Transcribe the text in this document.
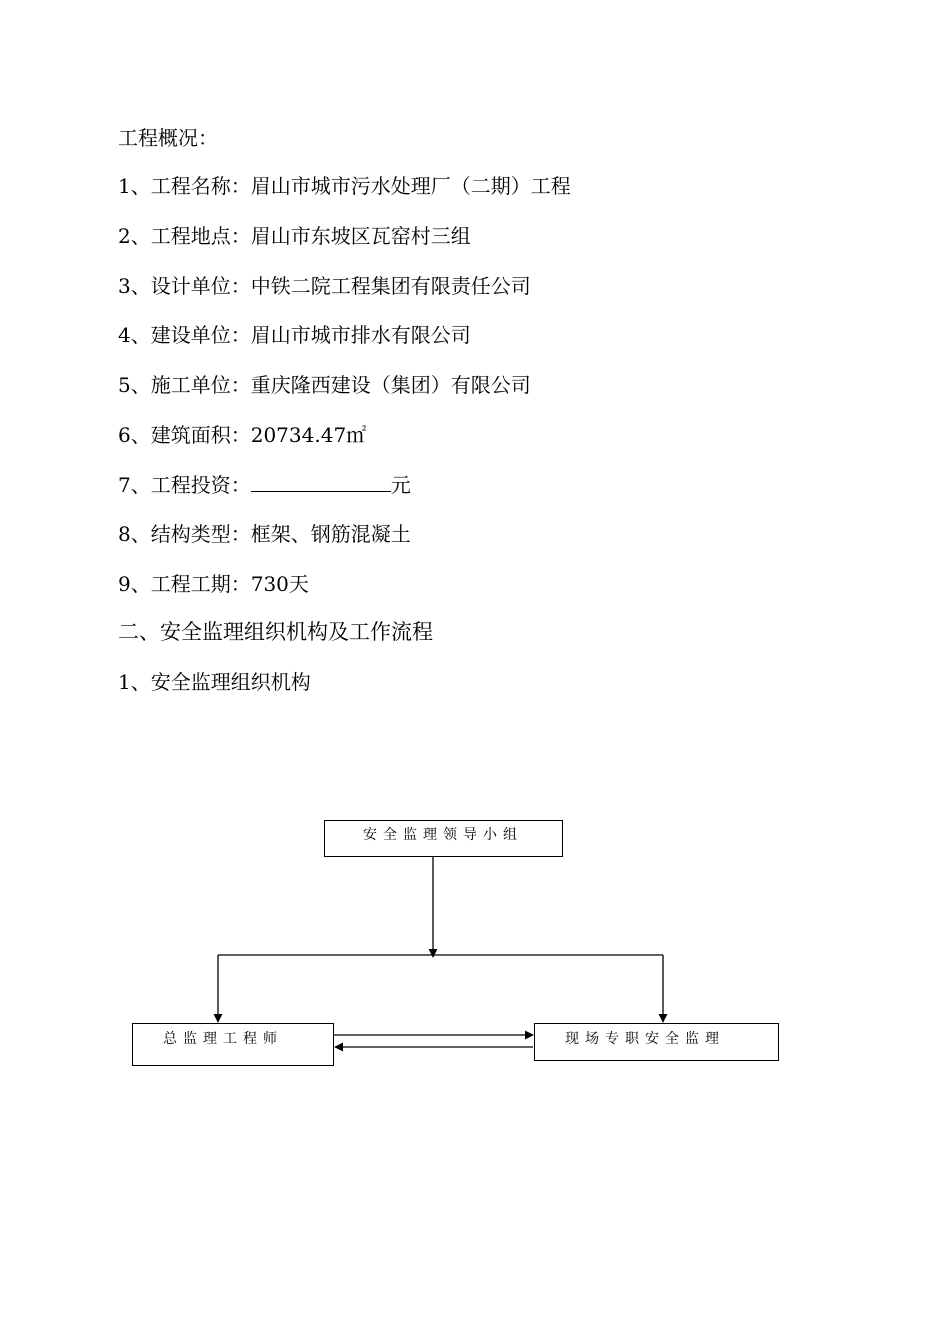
工程概况：
1、工程名称：眉山市城市污水处理厂（二期）工程
2、工程地点：眉山市东坡区瓦窑村三组
3、设计单位：中铁二院工程集团有限责任公司
4、建设单位：眉山市城市排水有限公司
5、施工单位：重庆隆西建设（集团）有限公司
6、建筑面积：20734.47㎡
7、工程投资：	元
8、结构类型：框架、钢筋混凝土
9、工程工期：730天
二、安全监理组织机构及工作流程
1、安全监理组织机构
安全监理领导小组
总监理工程师	现场专职安全监理
